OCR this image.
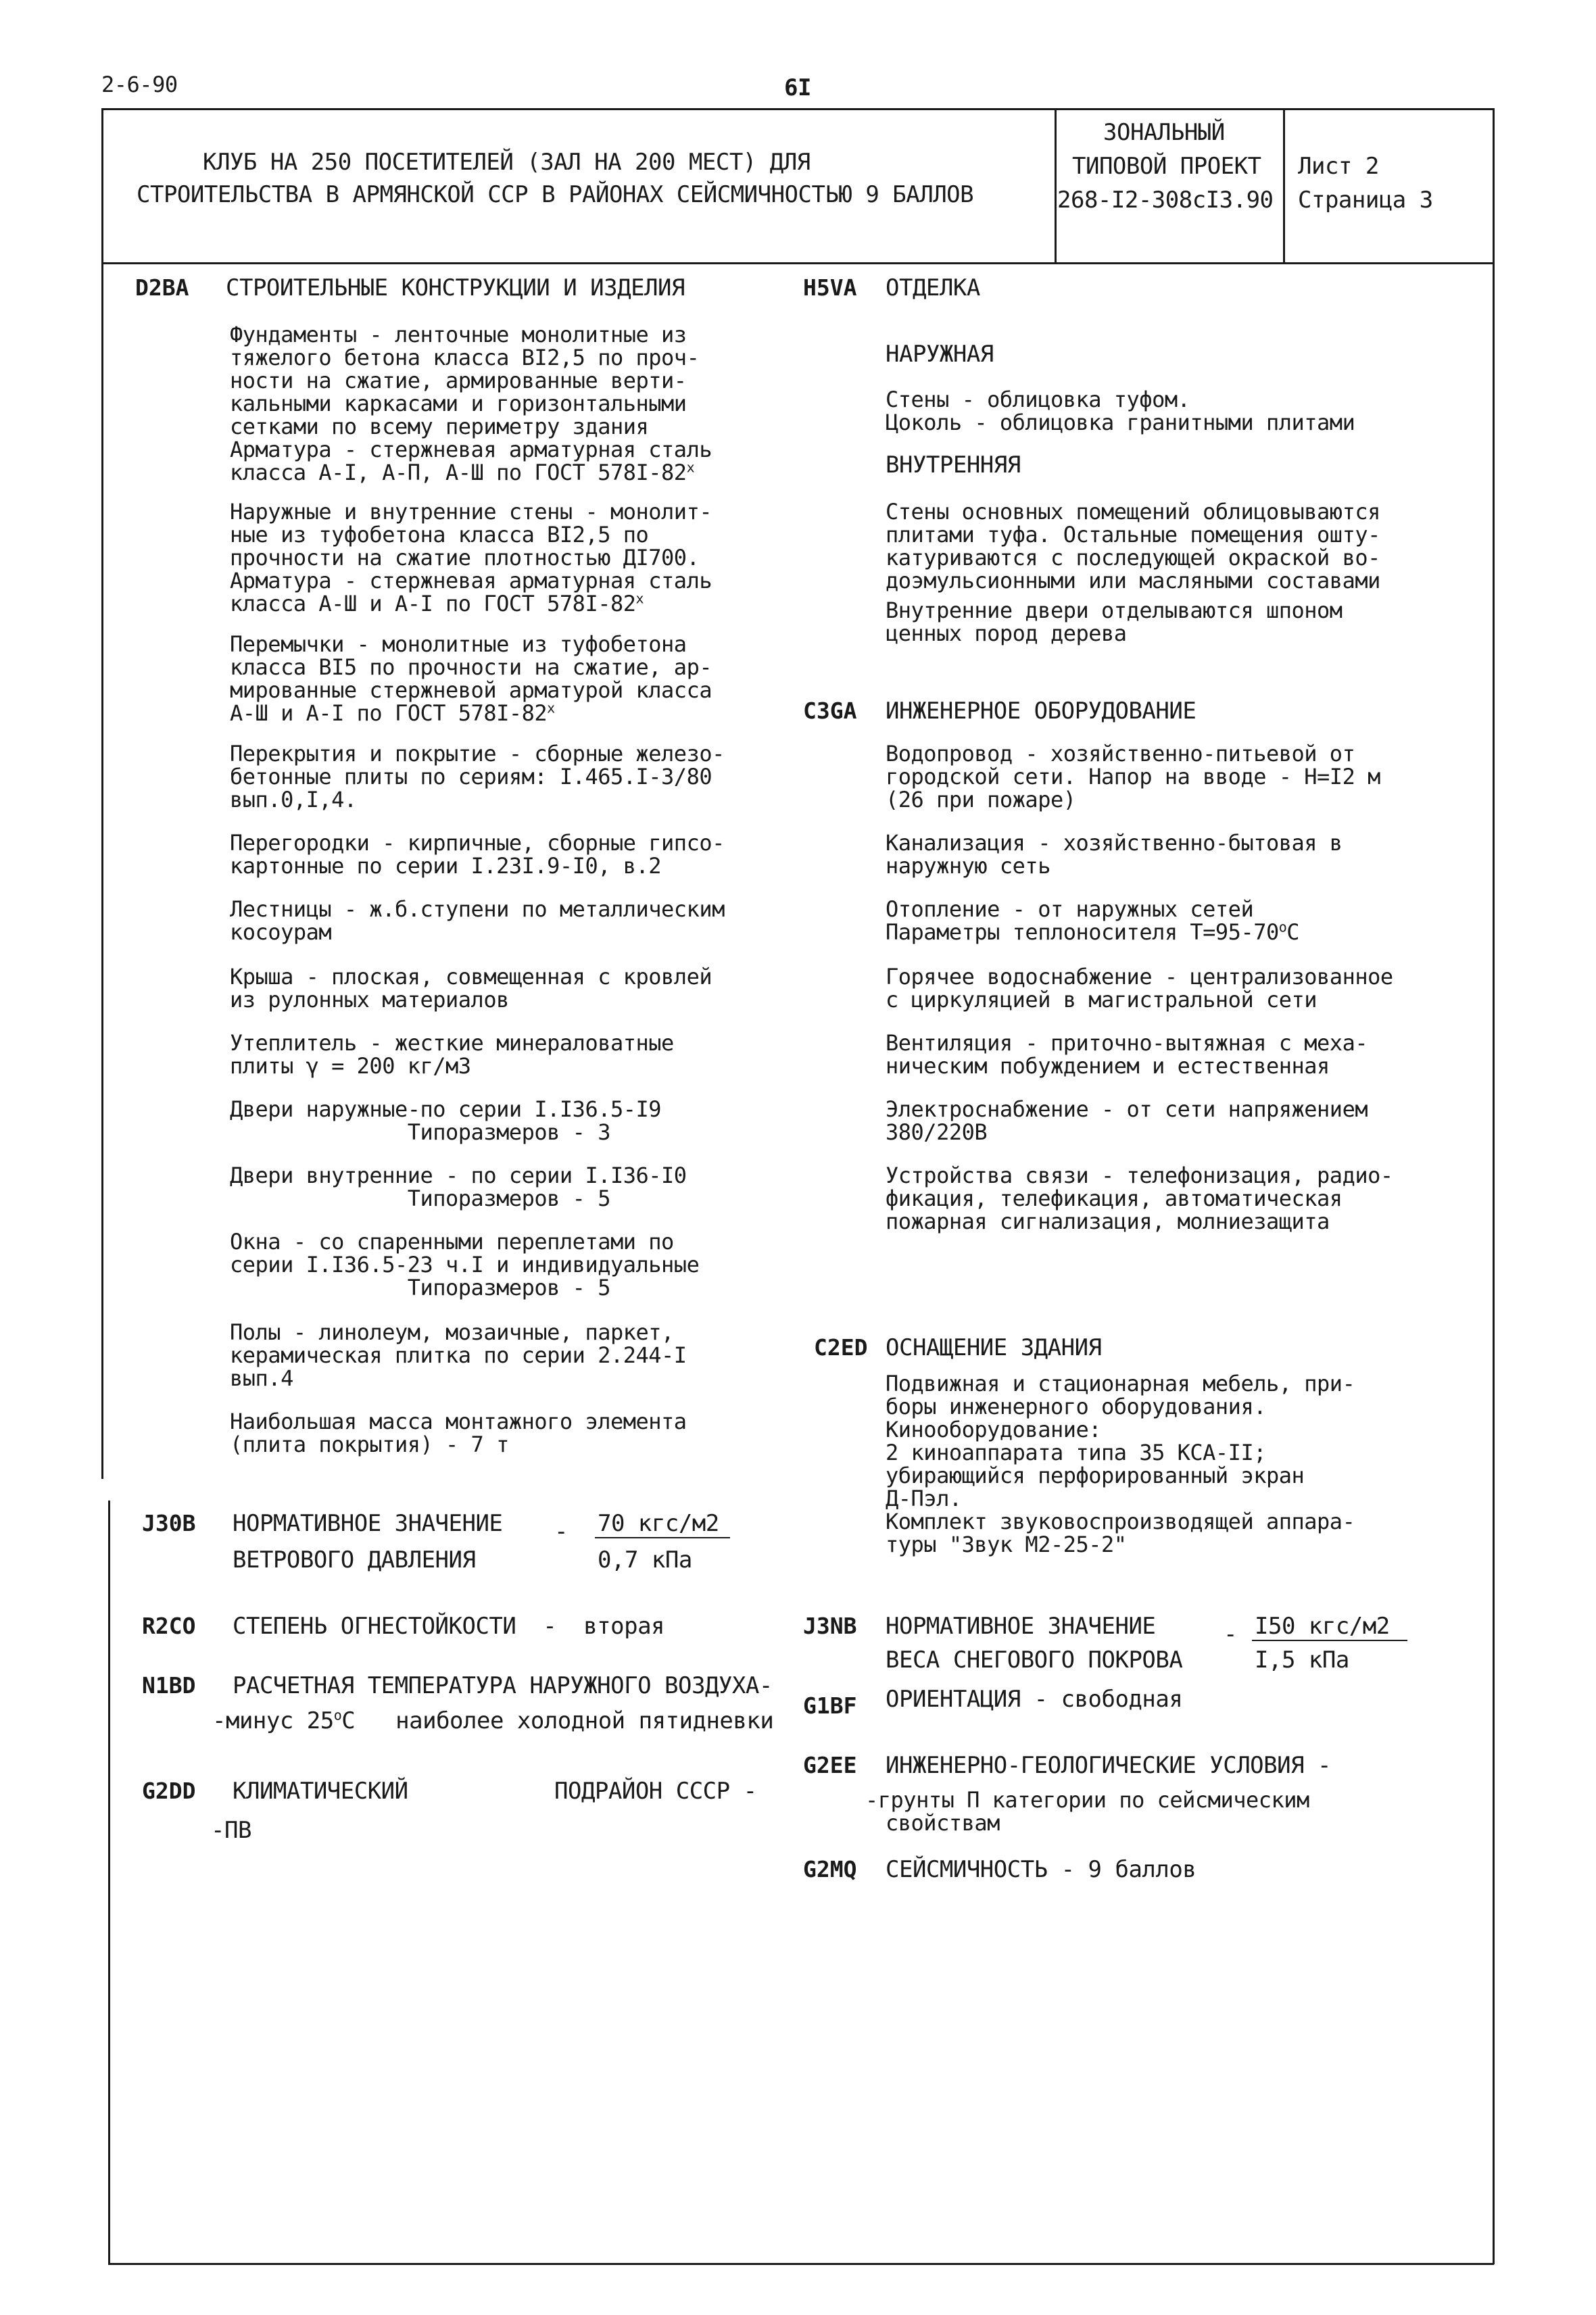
2-6-90	6I
КЛУБ НА 250 ПОСЕТИТЕЛЕЙ (ЗАЛ НА 200 МЕСТ) ДЛЯ
СТРОИТЕЛЬСТВА В АРМЯНСКОЙ ССР В РАЙОНАХ СЕЙСМИЧНОСТЬЮ 9 БАЛЛОВ
ЗОНАЛЬНЫЙ
ТИПОВОЙ ПРОЕКТ
268-I2-308cI3.90
Лист 2
Страница 3
D2BA СТРОИТЕЛЬНЫЕ КОНСТРУКЦИИ И ИЗДЕЛИЯ
Фундаменты - ленточные монолитные из
тяжелого бетона класса BI2,5 по проч-
ности на сжатие, армированные верти-
кальными каркасами и горизонтальными
сетками по всему периметру здания
Арматура - стержневая арматурная сталь
класса A-I, A-П, A-Ш по ГОСТ 578I-82$^x$
Наружные и внутренние стены - монолит-
ные из туфобетона класса BI2,5 по
прочности на сжатие плотностью ДI700.
Арматура - стержневая арматурная сталь
класса A-Ш и A-I по ГОСТ 578I-82$^x$
Перемычки - монолитные из туфобетона
класса BI5 по прочности на сжатие, ар-
мированные стержневой арматурой класса
A-Ш и A-I по ГОСТ 578I-82$^x$
Перекрытия и покрытие - сборные железо-
бетонные плиты по сериям: I.465.I-3/80
вып.0,I,4.
Перегородки - кирпичные, сборные гипсо-
картонные по серии I.23I.9-I0, в.2
Лестницы - ж.б.ступени по металлическим
косоурам
Крыша - плоская, совмещенная с кровлей
из рулонных материалов
Утеплитель - жесткие минераловатные
плиты γ = 200 кг/м3
Двери наружные-по серии I.I36.5-I9
Типоразмеров - 3
Двери внутренние - по серии I.I36-I0
Типоразмеров - 5
Окна - со спаренными переплетами по
серии I.I36.5-23 ч.I и индивидуальные
Типоразмеров - 5
Полы - линолеум, мозаичные, паркет,
керамическая плитка по серии 2.244-I
вып.4
Наибольшая масса монтажного элемента
(плита покрытия) - 7 т
J30B НОРМАТИВНОЕ ЗНАЧЕНИЕ
ВЕТРОВОГО ДАВЛЕНИЯ
- 70 кгс/м2
0,7 кПа
R2CO СТЕПЕНЬ ОГНЕСТОЙКОСТИ  -  вторая
N1BD РАСЧЕТНАЯ ТЕМПЕРАТУРА НАРУЖНОГО ВОЗДУХА-
-минус 25$^o$C   наиболее холодной пятидневки
G2DD КЛИМАТИЧЕСКИЙ	ПОДРАЙОН СССР -
-ПВ
H5VA ОТДЕЛКА
НАРУЖНАЯ
Стены - облицовка туфом.
Цоколь - облицовка гранитными плитами
ВНУТРЕННЯЯ
Стены основных помещений облицовываются
плитами туфа. Остальные помещения ошту-
катуриваются с последующей окраской во-
доэмульсионными или масляными составами
Внутренние двери отделываются шпоном
ценных пород дерева
C3GA ИНЖЕНЕРНОЕ ОБОРУДОВАНИЕ
Водопровод - хозяйственно-питьевой от
городской сети. Напор на вводе - Н=I2 м
(26 при пожаре)
Канализация - хозяйственно-бытовая в
наружную сеть
Отопление - от наружных сетей
Параметры теплоносителя $T=95-70^oC$
Горячее водоснабжение - централизованное
с циркуляцией в магистральной сети
Вентиляция - приточно-вытяжная с меха-
ническим побуждением и естественная
Электроснабжение - от сети напряжением
380/220В
Устройства связи - телефонизация, радио-
фикация, телефикация, автоматическая
пожарная сигнализация, молниезащита
C2ED ОСНАЩЕНИЕ ЗДАНИЯ
Подвижная и стационарная мебель, при-
боры инженерного оборудования.
Кинооборудование:
2 киноаппарата типа 35 КСА-II;
убирающийся перфорированный экран
Д-Пэл.
Комплект звуковоспроизводящей аппара-
туры "Звук М2-25-2"
J3NB НОРМАТИВНОЕ ЗНАЧЕНИЕ
ВЕСА СНЕГОВОГО ПОКРОВА
- I50 кгс/м2
I,5 кПа
G1BF ОРИЕНТАЦИЯ - свободная
G2EE ИНЖЕНЕРНО-ГЕОЛОГИЧЕСКИЕ УСЛОВИЯ -
-грунты П категории по сейсмическим
свойствам
G2MQ СЕЙСМИЧНОСТЬ - 9 баллов
